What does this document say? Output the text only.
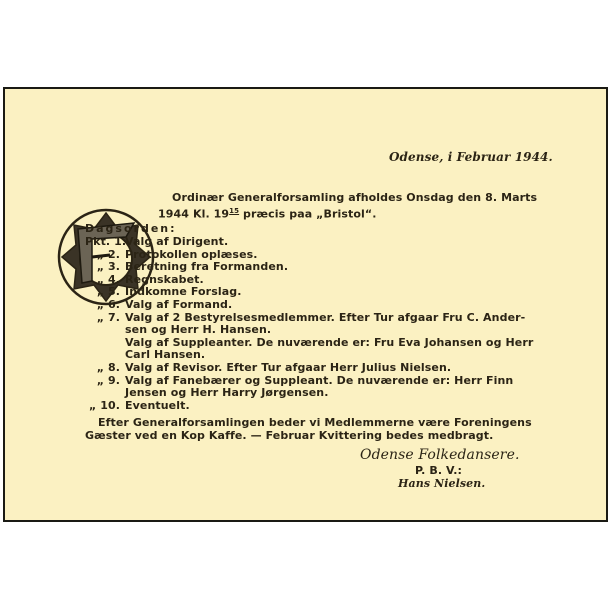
Odense, i Februar 1944.
Ordinær Generalforsamling afholdes Onsdag den 8. Marts
1944 Kl. $19^{15}$ præcis paa „Bristol“.
Dagsorden:
Pkt. 1.
Valg af Dirigent.
„ 2. Protokollen oplæses.
„ 3. Beretning fra Formanden.
„ 4. Regnskabet.
„ 5. Indkomne Forslag.
„ 6. Valg af Formand.
„ 7. Valg af 2 Bestyrelsesmedlemmer. Efter Tur afgaar Fru C. Ander-
sen og Herr H. Hansen.
Valg af Suppleanter. De nuværende er: Fru Eva Johansen og Herr
Carl Hansen.
„ 8. Valg af Revisor. Efter Tur afgaar Herr Julius Nielsen.
„ 9. Valg af Fanebærer og Suppleant. De nuværende er: Herr Finn
Jensen og Herr Harry Jørgensen.
„ 10. Eventuelt.
Efter Generalforsamlingen beder vi Medlemmerne være Foreningens
Gæster ved en Kop Kaffe. — Februar Kvittering bedes medbragt.
Odense Folkedansere.
P. B. V.:
Hans Nielsen.
